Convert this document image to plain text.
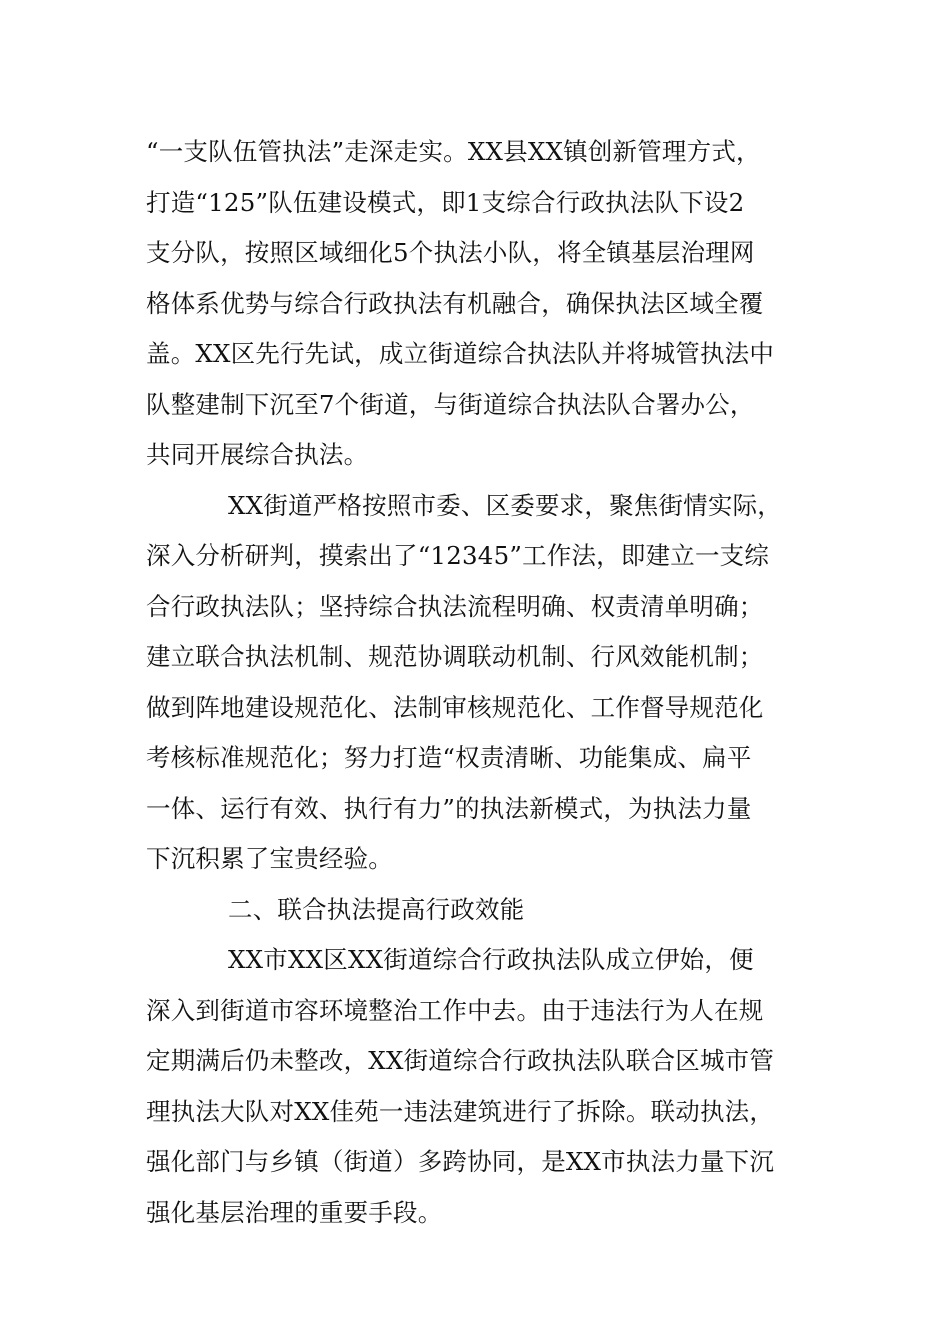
“一支队伍管执法”走深走实。XX县XX镇创新管理方式，
打造“125”队伍建设模式，即1支综合行政执法队下设2
支分队，按照区域细化5个执法小队，将全镇基层治理网
格体系优势与综合行政执法有机融合，确保执法区域全覆
盖。XX区先行先试，成立街道综合执法队并将城管执法中
队整建制下沉至7个街道，与街道综合执法队合署办公，
共同开展综合执法。
XX街道严格按照市委、区委要求，聚焦街情实际，
深入分析研判，摸索出了“12345”工作法，即建立一支综
合行政执法队；坚持综合执法流程明确、权责清单明确；
建立联合执法机制、规范协调联动机制、行风效能机制；
做到阵地建设规范化、法制审核规范化、工作督导规范化
考核标准规范化；努力打造“权责清晰、功能集成、扁平
一体、运行有效、执行有力”的执法新模式，为执法力量
下沉积累了宝贵经验。
二、联合执法提高行政效能
XX市XX区XX街道综合行政执法队成立伊始，便
深入到街道市容环境整治工作中去。由于违法行为人在规
定期满后仍未整改，XX街道综合行政执法队联合区城市管
理执法大队对XX佳苑一违法建筑进行了拆除。联动执法，
强化部门与乡镇（街道）多跨协同，是XX市执法力量下沉
强化基层治理的重要手段。
